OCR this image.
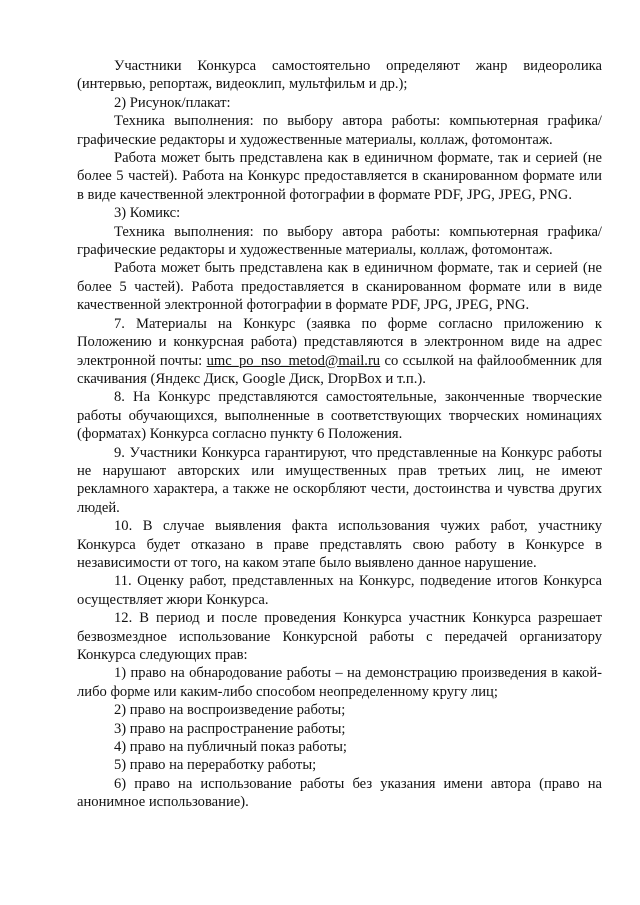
Участники Конкурса самостоятельно определяют жанр видеоролика (интервью, репортаж, видеоклип, мультфильм и др.);

2) Рисунок/плакат:

Техника выполнения: по выбору автора работы: компьютерная графика/графические редакторы и художественные материалы, коллаж, фотомонтаж.

Работа может быть представлена как в единичном формате, так и серией (не более 5 частей). Работа на Конкурс предоставляется в сканированном формате или в виде качественной электронной фотографии в формате PDF, JPG, JPEG, PNG.

3) Комикс:

Техника выполнения: по выбору автора работы: компьютерная графика/графические редакторы и художественные материалы, коллаж, фотомонтаж.

Работа может быть представлена как в единичном формате, так и серией (не более 5 частей). Работа предоставляется в сканированном формате или в виде качественной электронной фотографии в формате PDF, JPG, JPEG, PNG.

7. Материалы на Конкурс (заявка по форме согласно приложению к Положению и конкурсная работа) представляются в электронном виде на адрес электронной почты: umc_po_nso_metod@mail.ru со ссылкой на файлообменник для скачивания (Яндекс Диск, Google Диск, DropBox и т.п.).

8. На Конкурс представляются самостоятельные, законченные творческие работы обучающихся, выполненные в соответствующих творческих номинациях (форматах) Конкурса согласно пункту 6 Положения.

9. Участники Конкурса гарантируют, что представленные на Конкурс работы не нарушают авторских или имущественных прав третьих лиц, не имеют рекламного характера, а также не оскорбляют чести, достоинства и чувства других людей.

10. В случае выявления факта использования чужих работ, участнику Конкурса будет отказано в праве представлять свою работу в Конкурсе в независимости от того, на каком этапе было выявлено данное нарушение.

11. Оценку работ, представленных на Конкурс, подведение итогов Конкурса осуществляет жюри Конкурса.

12. В период и после проведения Конкурса участник Конкурса разрешает безвозмездное использование Конкурсной работы с передачей организатору Конкурса следующих прав:

1) право на обнародование работы – на демонстрацию произведения в какой-либо форме или каким-либо способом неопределенному кругу лиц;

2) право на воспроизведение работы;

3) право на распространение работы;

4) право на публичный показ работы;

5) право на переработку работы;

6) право на использование работы без указания имени автора (право на анонимное использование).
